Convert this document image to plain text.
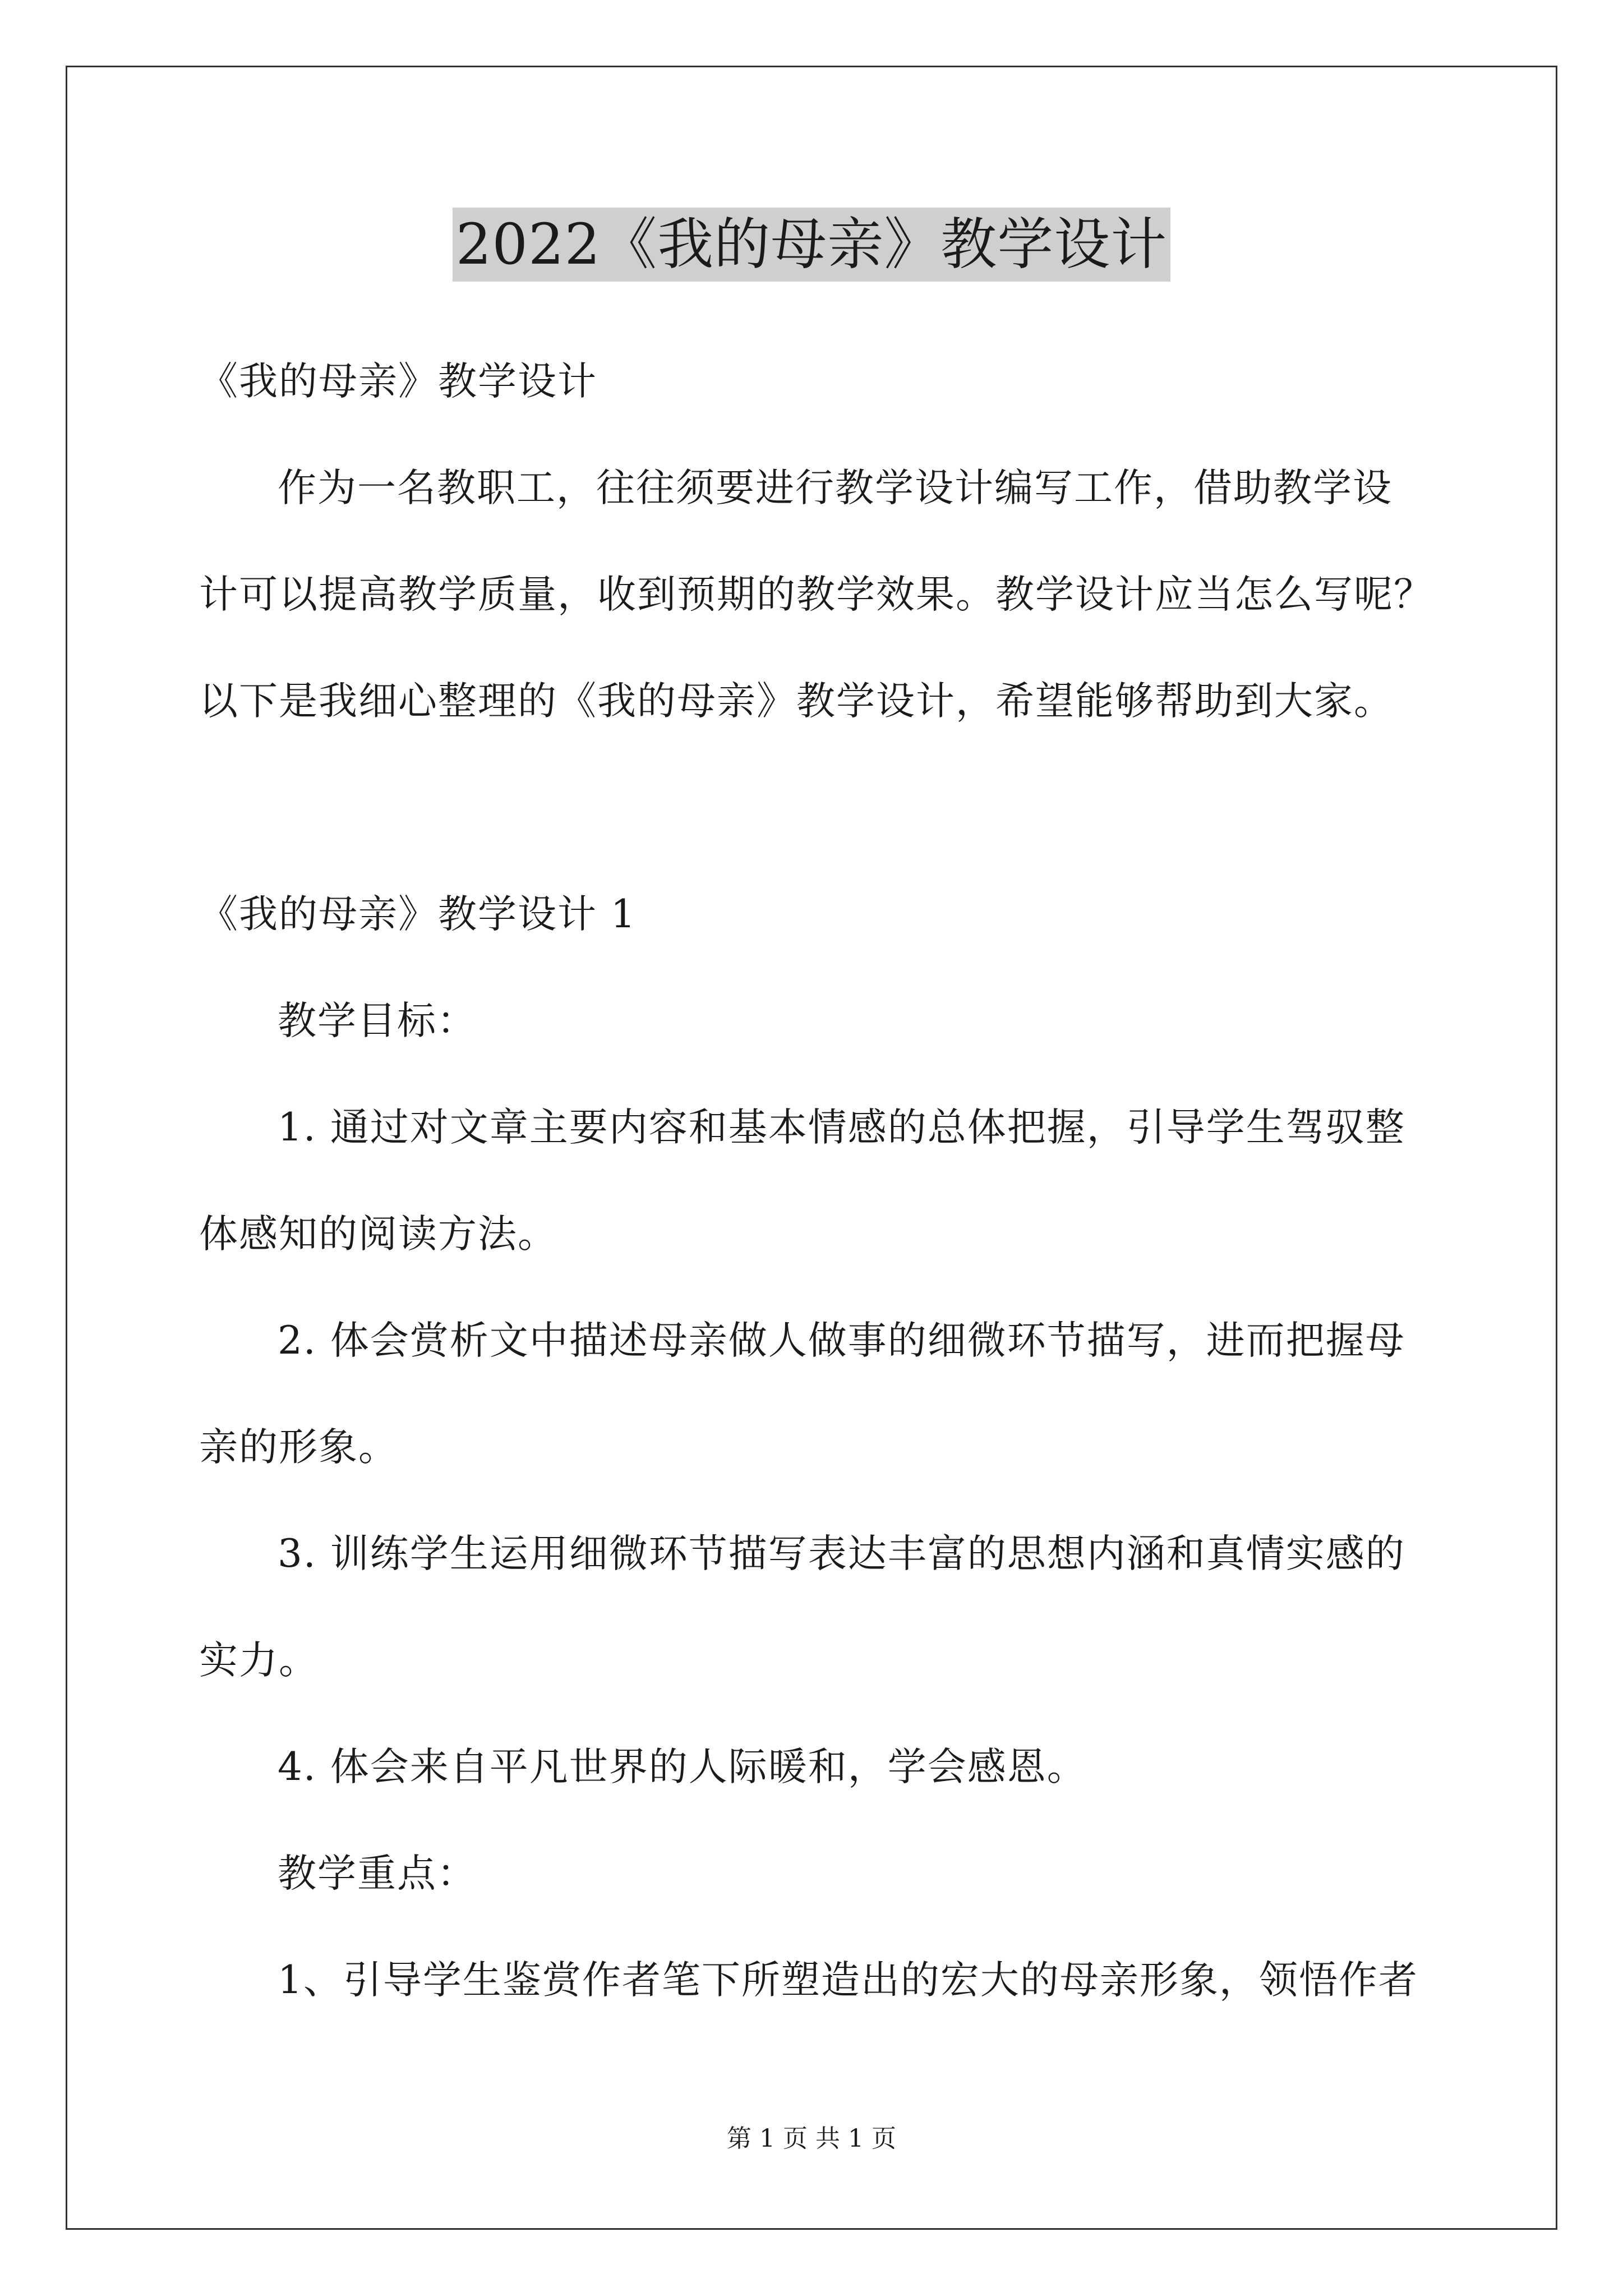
2022《我的母亲》教学设计
《我的母亲》教学设计
作为一名教职工，往往须要进行教学设计编写工作，借助教学设
计可以提高教学质量，收到预期的教学效果。教学设计应当怎么写呢？
以下是我细心整理的《我的母亲》教学设计，希望能够帮助到大家。
《我的母亲》教学设计 1
教学目标：
1. 通过对文章主要内容和基本情感的总体把握，引导学生驾驭整
体感知的阅读方法。
2. 体会赏析文中描述母亲做人做事的细微环节描写，进而把握母
亲的形象。
3. 训练学生运用细微环节描写表达丰富的思想内涵和真情实感的
实力。
4. 体会来自平凡世界的人际暖和，学会感恩。
教学重点：
1、引导学生鉴赏作者笔下所塑造出的宏大的母亲形象，领悟作者
第 1 页 共 1 页
